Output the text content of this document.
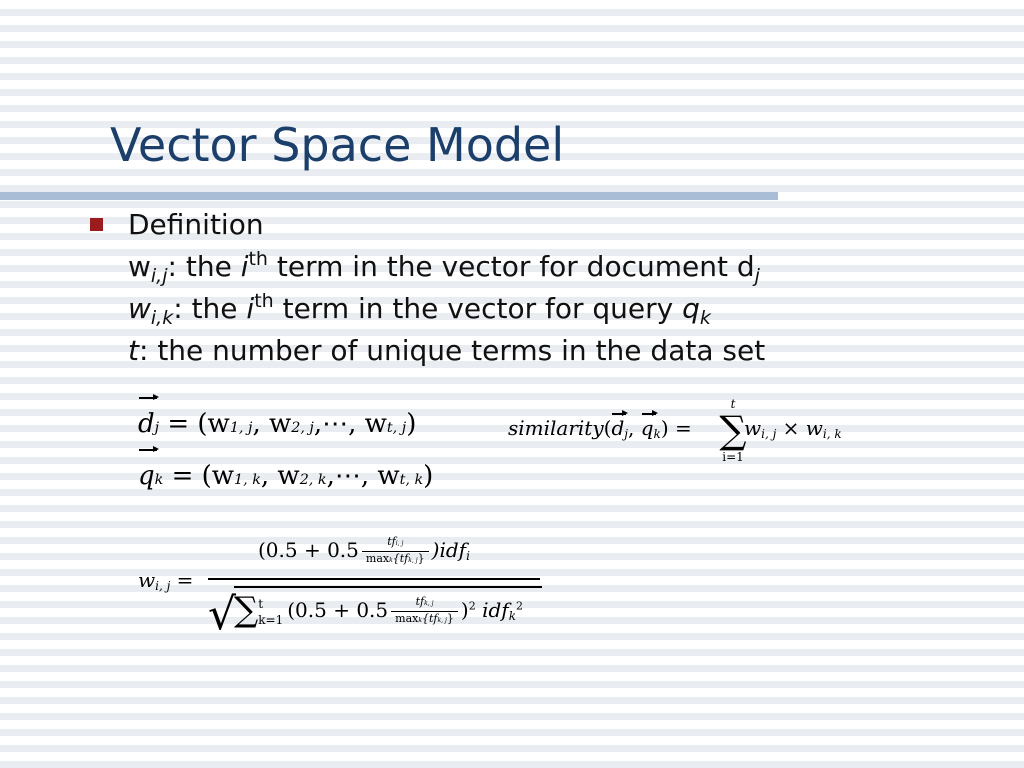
Vector Space Model
Definition
$w_{i,j}$: the $i^{th}$ term in the vector for document $d_j$
$w_{i,k}$: the $i^{th}$ term in the vector for query $q_k$
t: the number of unique terms in the data set
dj = (w1, j, w2, j,⋯, wt, j)
qk = (w1, k, w2, k,⋯, wt, k)
similarity(dj, qk) =
t
∑
i=1
wi, j × wi, k
wi, j =
($0.5 + 0.5 \frac{\text{tfi, j}}{\text{maxk\{tfk, j\}}}$ )idfi
√
∑ t
k=1 $(0.5 + 0.5 \frac{\text{tfk, j}}{\text{maxk\{tfk, j\}}} )^2$ idfk$^2$
